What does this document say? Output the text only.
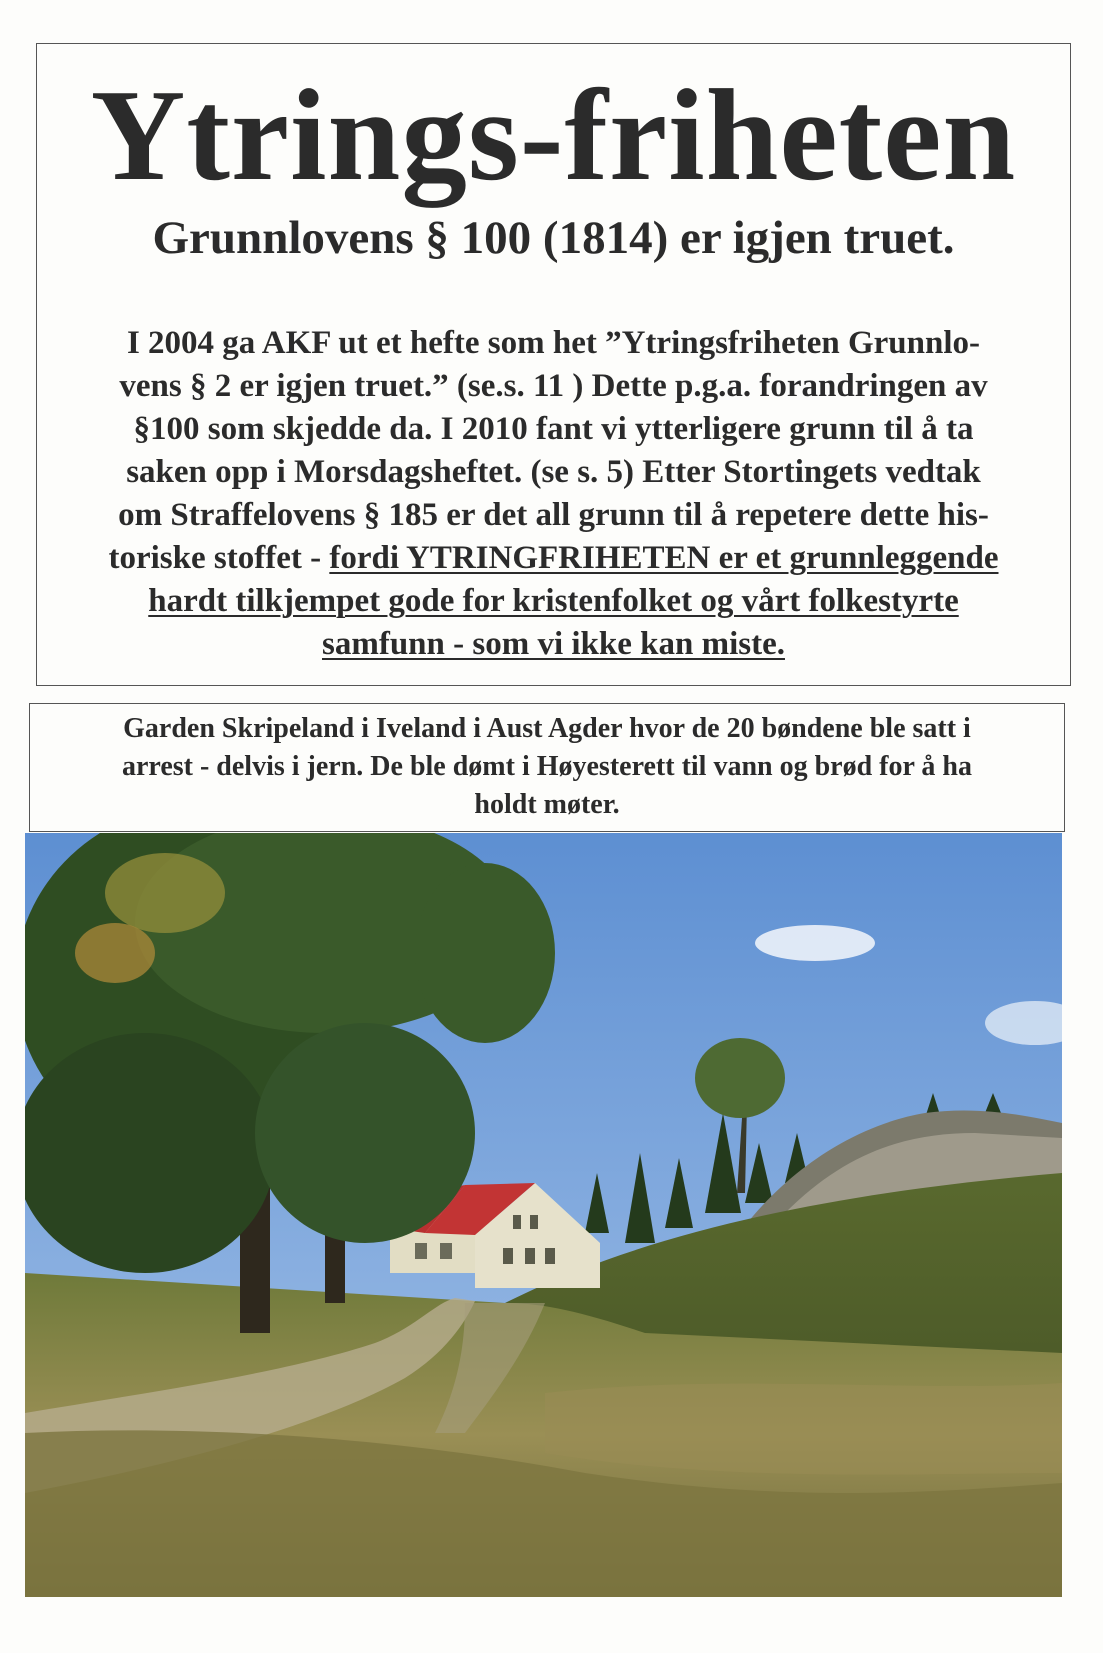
Ytrings-friheten

Grunnlovens § 100 (1814) er igjen truet.

I 2004 ga AKF ut et hefte som het ”Ytringsfriheten Grunnlo-
vens § 2 er igjen truet.” (se.s. 11 ) Dette p.g.a. forandringen av
§100 som skjedde da. I 2010 fant vi ytterligere grunn til å ta
saken opp i Morsdagsheftet. (se s. 5) Etter Stortingets vedtak
om Straffelovens § 185 er det all grunn til å repetere dette his-
toriske stoffet - fordi YTRINGFRIHETEN er et grunnleggende
hardt tilkjempet gode for kristenfolket og vårt folkestyrte
samfunn - som vi ikke kan miste.
Garden Skripeland i Iveland i Aust Agder hvor de 20 bøndene ble satt i
arrest - delvis i jern. De ble dømt i Høyesterett til vann og brød for å ha
holdt møter.
